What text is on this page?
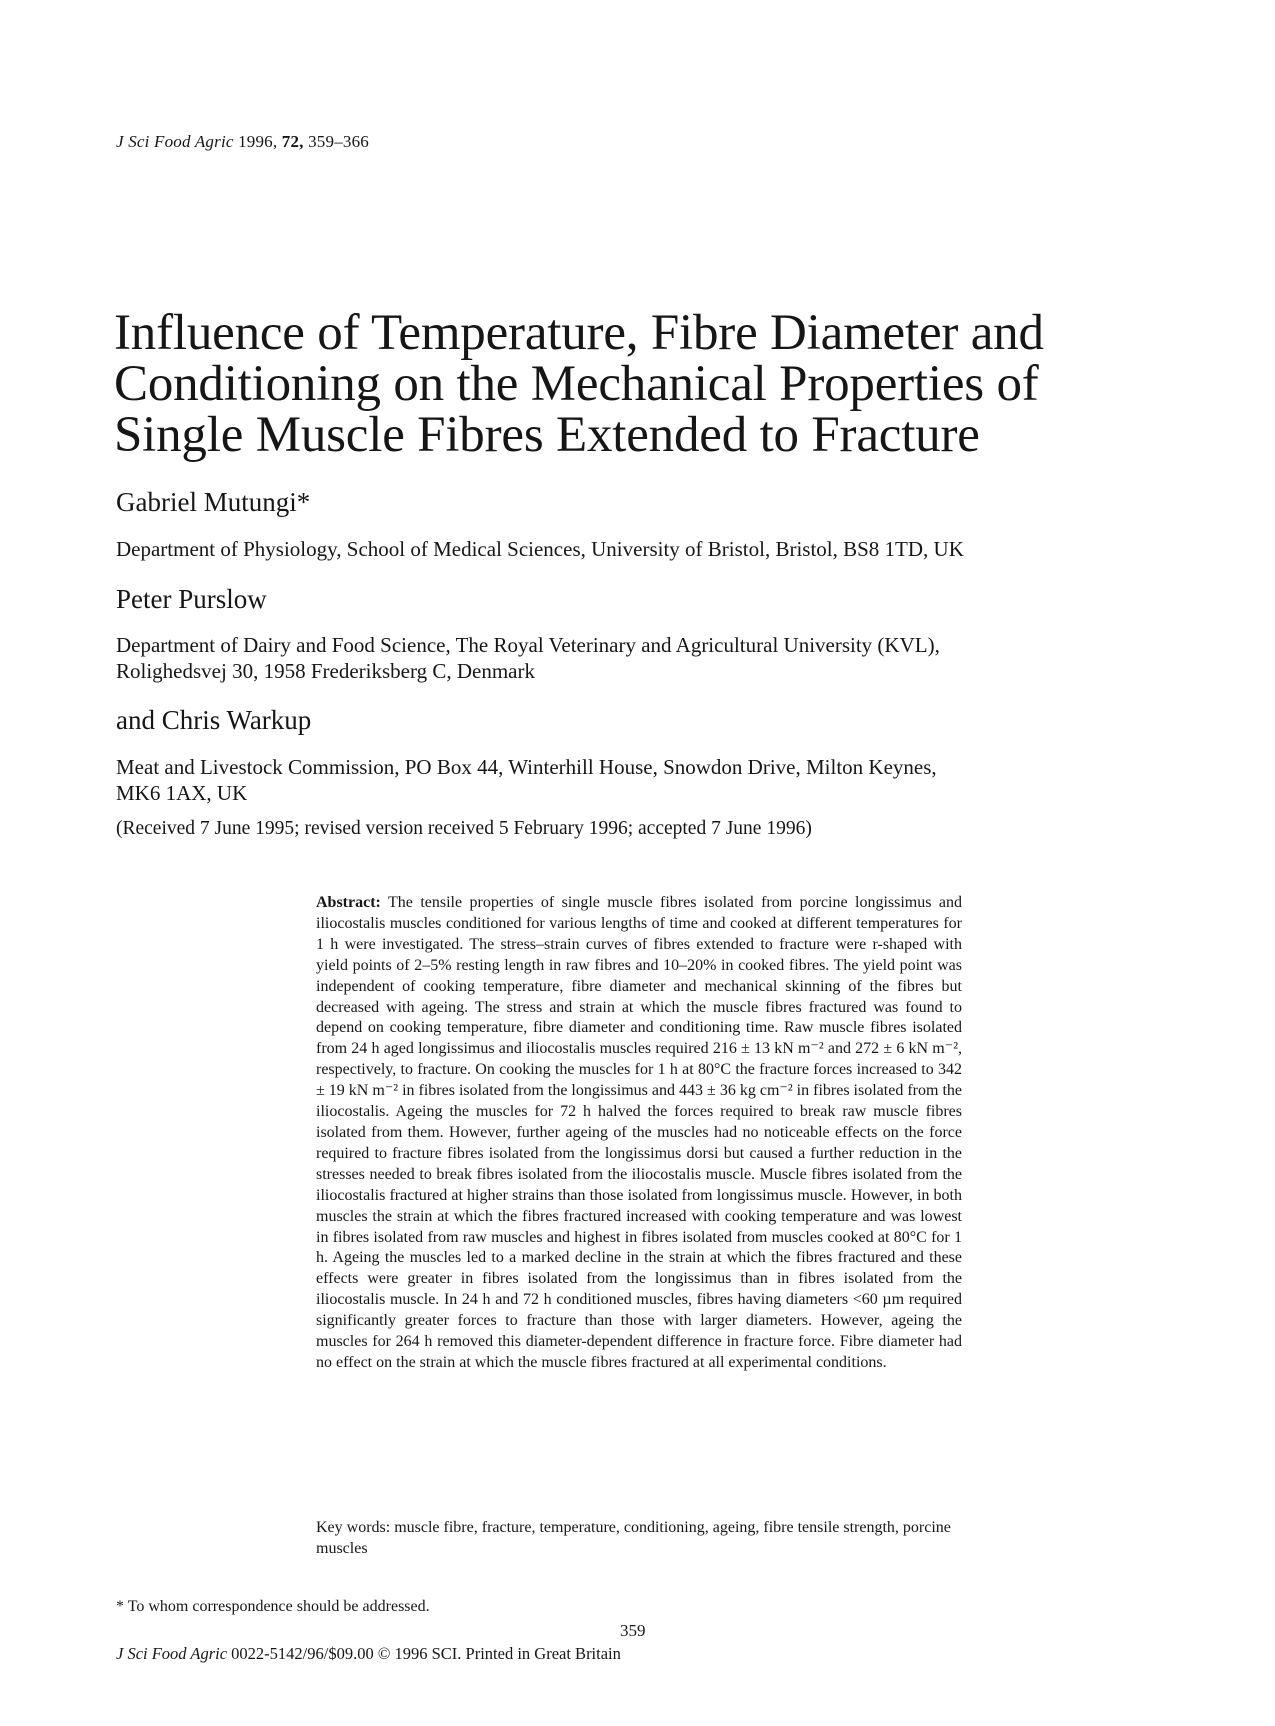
J Sci Food Agric 1996, 72, 359–366
Influence of Temperature, Fibre Diameter and
Conditioning on the Mechanical Properties of
Single Muscle Fibres Extended to Fracture
Gabriel Mutungi*
Department of Physiology, School of Medical Sciences, University of Bristol, Bristol, BS8 1TD, UK
Peter Purslow
Department of Dairy and Food Science, The Royal Veterinary and Agricultural University (KVL),
Rolighedsvej 30, 1958 Frederiksberg C, Denmark
and Chris Warkup
Meat and Livestock Commission, PO Box 44, Winterhill House, Snowdon Drive, Milton Keynes,
MK6 1AX, UK
(Received 7 June 1995; revised version received 5 February 1996; accepted 7 June 1996)
Abstract: The tensile properties of single muscle fibres isolated from porcine longissimus and iliocostalis muscles conditioned for various lengths of time and cooked at different temperatures for 1 h were investigated. The stress–strain curves of fibres extended to fracture were r-shaped with yield points of 2–5% resting length in raw fibres and 10–20% in cooked fibres. The yield point was independent of cooking temperature, fibre diameter and mechanical skinning of the fibres but decreased with ageing. The stress and strain at which the muscle fibres fractured was found to depend on cooking temperature, fibre diameter and conditioning time. Raw muscle fibres isolated from 24 h aged longissimus and iliocostalis muscles required 216 ± 13 kN m⁻² and 272 ± 6 kN m⁻², respectively, to fracture. On cooking the muscles for 1 h at 80°C the fracture forces increased to 342 ± 19 kN m⁻² in fibres isolated from the longissimus and 443 ± 36 kg cm⁻² in fibres isolated from the iliocostalis. Ageing the muscles for 72 h halved the forces required to break raw muscle fibres isolated from them. However, further ageing of the muscles had no noticeable effects on the force required to fracture fibres isolated from the longissimus dorsi but caused a further reduction in the stresses needed to break fibres isolated from the iliocostalis muscle. Muscle fibres isolated from the iliocostalis fractured at higher strains than those isolated from longissimus muscle. However, in both muscles the strain at which the fibres fractured increased with cooking temperature and was lowest in fibres isolated from raw muscles and highest in fibres isolated from muscles cooked at 80°C for 1 h. Ageing the muscles led to a marked decline in the strain at which the fibres fractured and these effects were greater in fibres isolated from the longissimus than in fibres isolated from the iliocostalis muscle. In 24 h and 72 h conditioned muscles, fibres having diameters <60 µm required significantly greater forces to fracture than those with larger diameters. However, ageing the muscles for 264 h removed this diameter-dependent difference in fracture force. Fibre diameter had no effect on the strain at which the muscle fibres fractured at all experimental conditions.
Key words: muscle fibre, fracture, temperature, conditioning, ageing, fibre tensile strength, porcine muscles
* To whom correspondence should be addressed.
359
J Sci Food Agric 0022-5142/96/$09.00 © 1996 SCI. Printed in Great Britain
